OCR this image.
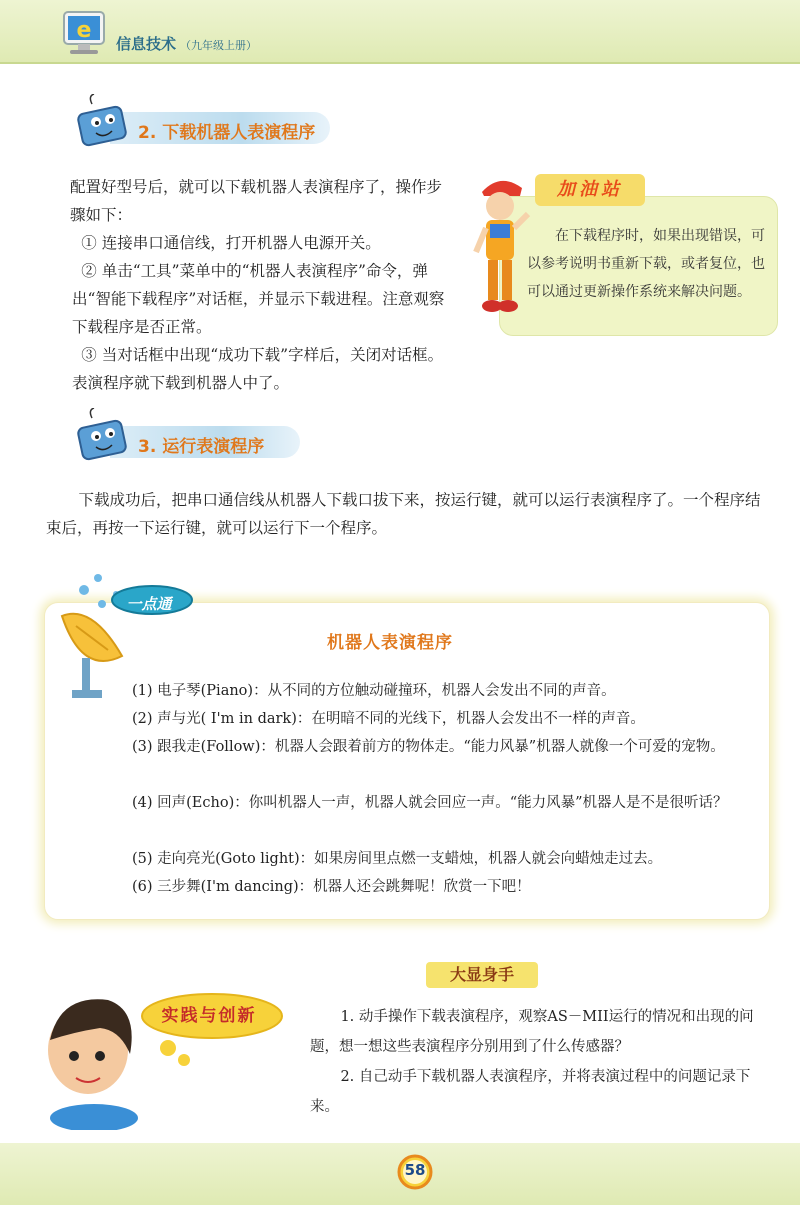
e
信息技术 （九年级上册）
2. 下载机器人表演程序

配置好型号后，就可以下载机器人表演程序了，操作步骤如下：

① 连接串口通信线，打开机器人电源开关。

② 单击“工具”菜单中的“机器人表演程序”命令，弹出“智能下载程序”对话框，并显示下载进程。注意观察下载程序是否正常。

③ 当对话框中出现“成功下载”字样后，关闭对话框。表演程序就下载到机器人中了。

加油站

在下载程序时，如果出现错误，可以参考说明书重新下载，或者复位，也可以通过更新操作系统来解决问题。

3. 运行表演程序

下载成功后，把串口通信线从机器人下载口拔下来，按运行键，就可以运行表演程序了。一个程序结束后，再按一下运行键，就可以运行下一个程序。

一点通
机器人表演程序

(1) 电子琴(Piano)：从不同的方位触动碰撞环，机器人会发出不同的声音。

(2) 声与光( I'm in dark)：在明暗不同的光线下，机器人会发出不一样的声音。

(3) 跟我走(Follow)：机器人会跟着前方的物体走。“能力风暴”机器人就像一个可爱的宠物。

(4) 回声(Echo)：你叫机器人一声，机器人就会回应一声。“能力风暴”机器人是不是很听话？

(5) 走向亮光(Goto light)：如果房间里点燃一支蜡烛，机器人就会向蜡烛走过去。

(6) 三步舞(I'm dancing)：机器人还会跳舞呢！欣赏一下吧！

大显身手
实践与创新	1. 动手操作下载表演程序，观察AS－MII运行的情况和出现的问题，想一想这些表演程序分别用到了什么传感器？

2. 自己动手下载机器人表演程序，并将表演过程中的问题记录下来。

58
